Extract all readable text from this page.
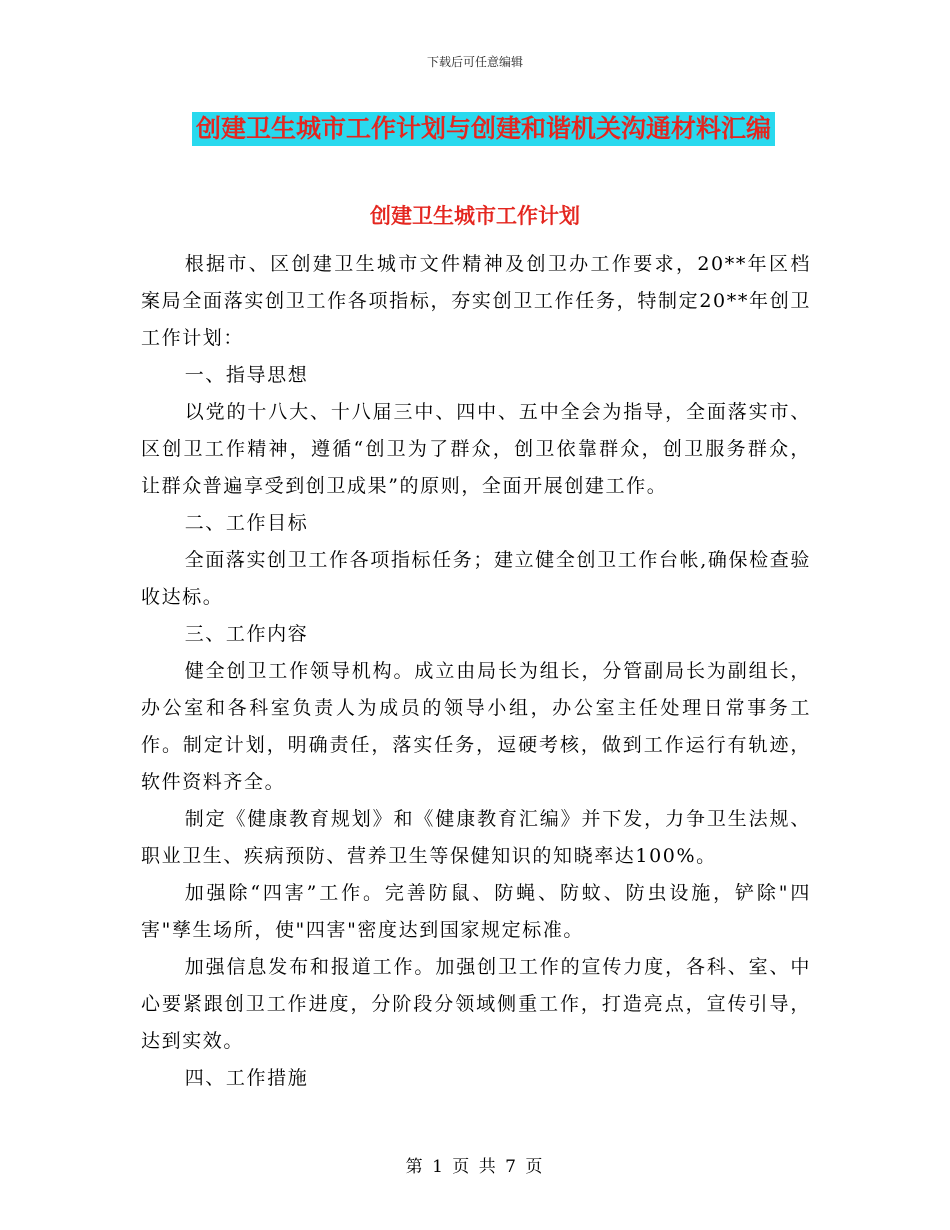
下载后可任意编辑
创建卫生城市工作计划与创建和谐机关沟通材料汇编
创建卫生城市工作计划

根据市、区创建卫生城市文件精神及创卫办工作要求，20**年区档案局全面落实创卫工作各项指标，夯实创卫工作任务，特制定20**年创卫工作计划：

一、指导思想

以党的十八大、十八届三中、四中、五中全会为指导，全面落实市、区创卫工作精神，遵循“创卫为了群众，创卫依靠群众，创卫服务群众，让群众普遍享受到创卫成果”的原则，全面开展创建工作。

二、工作目标

全面落实创卫工作各项指标任务；建立健全创卫工作台帐,确保检查验收达标。

三、工作内容

健全创卫工作领导机构。成立由局长为组长，分管副局长为副组长，办公室和各科室负责人为成员的领导小组，办公室主任处理日常事务工作。制定计划，明确责任，落实任务，逗硬考核，做到工作运行有轨迹，软件资料齐全。

制定《健康教育规划》和《健康教育汇编》并下发，力争卫生法规、职业卫生、疾病预防、营养卫生等保健知识的知晓率达100%。

加强除“四害”工作。完善防鼠、防蝇、防蚊、防虫设施，铲除"四害"孳生场所，使"四害"密度达到国家规定标准。

加强信息发布和报道工作。加强创卫工作的宣传力度，各科、室、中心要紧跟创卫工作进度，分阶段分领域侧重工作，打造亮点，宣传引导，达到实效。

四、工作措施

第 1 页 共 7 页
